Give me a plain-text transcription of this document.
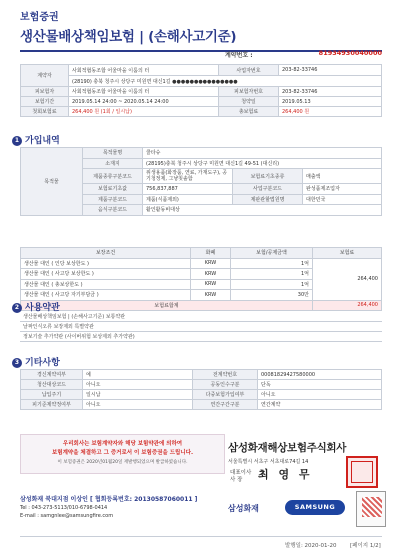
보험증권
생산물배상책임보험 | (손해사고기준)
계약번호 :	81934930040000
계약자	사회적협동조합 어울마을 이룸의 터	사업자번호	203-82-33746
	(28190) 충북 청주시 상당구 미원면 대신1길 ●●●●●●●●●●●●●●●		
피보험자	사회적협동조합 어울마을 이룸의 터	피보험자번호	203-82-33746
보험기간	2019.05.14 24:00 ~ 2020.05.14 24:00	청약일	2019.05.13
첫회보험료	264,400 원 (1회 / 일시납)	총보험료	264,400 원
1 가입내역
목적물	목적물명	쿨타슈		
	소재지	(28195)충북 청주시 상당구 미원면 대신1길 49-51 (대신리)		
	제품종류구분코드	위생용품(화장품, 연료, 가재도구), 공기청정제, 그냥칫솔함	보험료기초종류	매출액
	보험료기초값	756,837,887	사업구분코드	완성품제조업자
	제품구분코드	제품(식품제외)	제판관할법원명	대한민국
	음식구분코드	활인활동비대상		
보장조건	화폐	보험/공제금액	보험료
생산물 대인 ( 인당 보상한도 )	KRW	1억	264,400
생산물 대인 ( 사고당 보상한도 )	KRW	1억	
생산물 대인 ( 총보상한도 )	KRW	1억	
생산물 대인 ( 사고당 자기부담금 )	KRW	30만	
보험료합계			264,400
2 사용약관
생산물배상책임보험 | (손해사고기준) 보통약관
날짜인식오류 보장제외 특별약관
정보기술 추가약관 (사이버위험 보상제외 추가약관)
3 기타사항
경신계약여부	예	전계약번호	00081829427580000
청산대상코드	아니오	공동인수구분	단독
납입주기	일시납	다중보험가입여부	아니오
피기준제약정여부	아니오	연간구간구분	연간계약
우리회사는 보험계약자와 해당 보험약관에 의하여
보험계약을 체결하고 그 증거로서 이 보험증권을 드립니다.
이 보험증권은 2020년01월20일 재발행되었으며 발급하였습니다.
삼성화재해상보험주식회사
서울특별시 서초구 서초대로74길 14
대표이사
사 장	최 영 무
삼성화재	SAMSUNG
삼성화재 북대지점 이상인 [ 협회등록번호: 20130587060011 ]
Tel : 043-273-5113/010-6798-0414
E-mail : samgnlee@samsungfire.com
발행일: 2020-01-20 [페이지 1/2]
